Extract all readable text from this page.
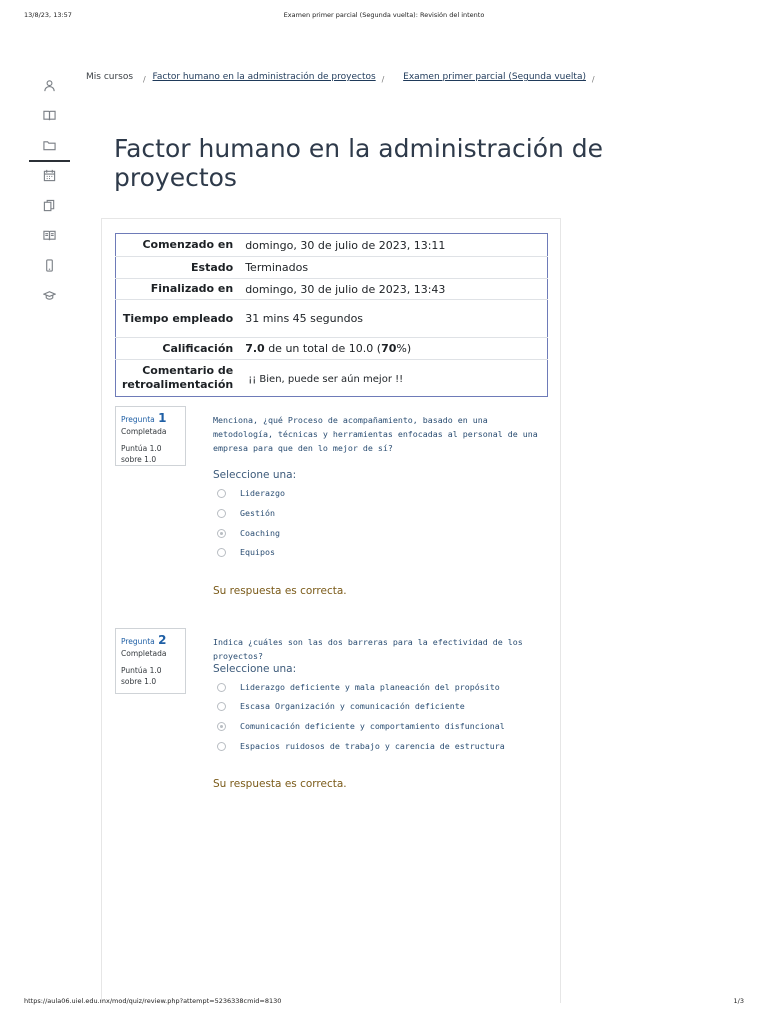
13/8/23, 13:57	Examen primer parcial (Segunda vuelta): Revisión del intento
https://aula06.uiel.edu.mx/mod/quiz/review.php?attempt=5236338cmid=8130	1/3
Mis cursos / Factor humano en la administración de proyectos / Examen primer parcial (Segunda vuelta) /
Factor humano en la administración de proyectos
Comenzado en	domingo, 30 de julio de 2023, 13:11
Estado	Terminados
Finalizado en	domingo, 30 de julio de 2023, 13:43
Tiempo empleado	31 mins 45 segundos
Calificación	7.0 de un total de 10.0 (70%)
Comentario de retroalimentación	¡¡ Bien, puede ser aún mejor !!
Pregunta 1
Completada
Puntúa 1.0 sobre 1.0
Menciona, ¿qué Proceso de acompañamiento, basado en una metodología, técnicas y herramientas enfocadas al personal de una empresa para que den lo mejor de sí?
Seleccione una:
Liderazgo
Gestión
Coaching
Equipos
Su respuesta es correcta.
Pregunta 2
Completada
Puntúa 1.0 sobre 1.0
Indica ¿cuáles son las dos barreras para la efectividad de los proyectos?
Seleccione una:
Liderazgo deficiente y mala planeación del propósito
Escasa Organización y comunicación deficiente
Comunicación deficiente y comportamiento disfuncional
Espacios ruidosos de trabajo y carencia de estructura
Su respuesta es correcta.
